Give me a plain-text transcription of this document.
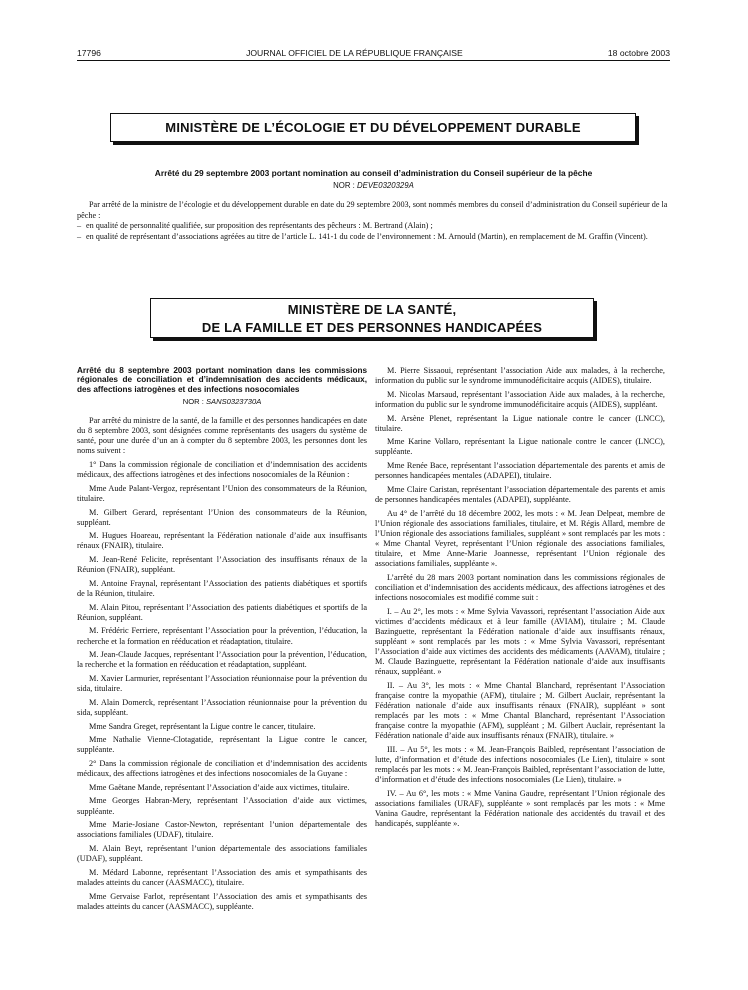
17796	JOURNAL OFFICIEL DE LA RÉPUBLIQUE FRANÇAISE	18 octobre 2003
MINISTÈRE DE L’ÉCOLOGIE ET DU DÉVELOPPEMENT DURABLE
Arrêté du 29 septembre 2003 portant nomination au conseil d’administration du Conseil supérieur de la pêche
NOR : DEVE0320329A

Par arrêté de la ministre de l’écologie et du développement durable en date du 29 septembre 2003, sont nommés membres du conseil d’administration du Conseil supérieur de la pêche :

– en qualité de personnalité qualifiée, sur proposition des représentants des pêcheurs : M. Bertrand (Alain) ;

– en qualité de représentant d’associations agréées au titre de l’article L. 141-1 du code de l’environnement : M. Arnould (Martin), en remplacement de M. Graffin (Vincent).

MINISTÈRE DE LA SANTÉ,
DE LA FAMILLE ET DES PERSONNES HANDICAPÉES
Arrêté du 8 septembre 2003 portant nomination dans les commissions régionales de conciliation et d’indemnisation des accidents médicaux, des affections iatrogènes et des infections nosocomiales
NOR : SANS0323730A

Par arrêté du ministre de la santé, de la famille et des personnes handicapées en date du 8 septembre 2003, sont désignées comme représentants des usagers du système de santé, pour une durée d’un an à compter du 8 septembre 2003, les personnes dont les noms suivent :

1° Dans la commission régionale de conciliation et d’indemnisation des accidents médicaux, des affections iatrogènes et des infections nosocomiales de la Réunion :

Mme Aude Palant-Vergoz, représentant l’Union des consommateurs de la Réunion, titulaire.

M. Gilbert Gerard, représentant l’Union des consommateurs de la Réunion, suppléant.

M. Hugues Hoareau, représentant la Fédération nationale d’aide aux insuffisants rénaux (FNAIR), titulaire.

M. Jean-René Felicite, représentant l’Association des insuffisants rénaux de la Réunion (FNAIR), suppléant.

M. Antoine Fraynal, représentant l’Association des patients diabétiques et sportifs de la Réunion, titulaire.

M. Alain Pitou, représentant l’Association des patients diabétiques et sportifs de la Réunion, suppléant.

M. Frédéric Ferriere, représentant l’Association pour la prévention, l’éducation, la recherche et la formation en rééducation et réadaptation, titulaire.

M. Jean-Claude Jacques, représentant l’Association pour la prévention, l’éducation, la recherche et la formation en rééducation et réadaptation, suppléant.

M. Xavier Larmurier, représentant l’Association réunionnaise pour la prévention du sida, titulaire.

M. Alain Domerck, représentant l’Association réunionnaise pour la prévention du sida, suppléant.

Mme Sandra Greget, représentant la Ligue contre le cancer, titulaire.

Mme Nathalie Vienne-Clotagatide, représentant la Ligue contre le cancer, suppléante.

2° Dans la commission régionale de conciliation et d’indemnisation des accidents médicaux, des affections iatrogènes et des infections nosocomiales de la Guyane :

Mme Gaëtane Mande, représentant l’Association d’aide aux victimes, titulaire.

Mme Georges Habran-Mery, représentant l’Association d’aide aux victimes, suppléante.

Mme Marie-Josiane Castor-Newton, représentant l’union départementale des associations familiales (UDAF), titulaire.

M. Alain Beyt, représentant l’union départementale des associations familiales (UDAF), suppléant.

M. Médard Labonne, représentant l’Association des amis et sympathisants des malades atteints du cancer (AASMACC), titulaire.

Mme Gervaise Farlot, représentant l’Association des amis et sympathisants des malades atteints du cancer (AASMACC), suppléante.

M. Pierre Sissaoui, représentant l’association Aide aux malades, à la recherche, information du public sur le syndrome immunodéficitaire acquis (AIDES), titulaire.

M. Nicolas Marsaud, représentant l’association Aide aux malades, à la recherche, information du public sur le syndrome immunodéficitaire acquis (AIDES), suppléant.

M. Arsène Plenet, représentant la Ligue nationale contre le cancer (LNCC), titulaire.

Mme Karine Vollaro, représentant la Ligue nationale contre le cancer (LNCC), suppléante.

Mme Renée Bace, représentant l’association départementale des parents et amis de personnes handicapées mentales (ADAPEI), titulaire.

Mme Claire Caristan, représentant l’association départementale des parents et amis de personnes handicapées mentales (ADAPEI), suppléante.

Au 4° de l’arrêté du 18 décembre 2002, les mots : « M. Jean Delpeat, membre de l’Union régionale des associations familiales, titulaire, et M. Régis Allard, membre de l’Union régionale des associations familiales, suppléant » sont remplacés par les mots : « Mme Chantal Veyret, représentant l’Union régionale des associations familiales, titulaire, et Mme Anne-Marie Joannesse, représentant l’Union régionale des associations familiales, suppléante ».

L’arrêté du 28 mars 2003 portant nomination dans les commissions régionales de conciliation et d’indemnisation des accidents médicaux, des affections iatrogènes et des infections nosocomiales est modifié comme suit :

I. – Au 2°, les mots : « Mme Sylvia Vavassori, représentant l’association Aide aux victimes d’accidents médicaux et à leur famille (AVIAM), titulaire ; M. Claude Bazinguette, représentant la Fédération nationale d’aide aux insuffisants rénaux, suppléant » sont remplacés par les mots : « Mme Sylvia Vavassori, représentant l’Association d’aide aux victimes des accidents des médicaments (AAVAM), titulaire ; M. Claude Bazinguette, représentant la Fédération nationale d’aide aux insuffisants rénaux, suppléant. »

II. – Au 3°, les mots : « Mme Chantal Blanchard, représentant l’Association française contre la myopathie (AFM), titulaire ; M. Gilbert Auclair, représentant la Fédération nationale d’aide aux insuffisants rénaux (FNAIR), suppléant » sont remplacés par les mots : « Mme Chantal Blanchard, représentant l’Association française contre la myopathie (AFM), suppléant ; M. Gilbert Auclair, représentant la Fédération nationale d’aide aux insuffisants rénaux (FNAIR), titulaire. »

III. – Au 5°, les mots : « M. Jean-François Baibled, représentant l’association de lutte, d’information et d’étude des infections nosocomiales (Le Lien), titulaire » sont remplacés par les mots : « M. Jean-François Baibled, représentant l’association de lutte, d’information et d’étude des infections nosocomiales (Le Lien), titulaire. »

IV. – Au 6°, les mots : « Mme Vanina Gaudre, représentant l’Union régionale des associations familiales (URAF), suppléante » sont remplacés par les mots : « Mme Vanina Gaudre, représentant la Fédération nationale des accidentés du travail et des handicapés, suppléante ».
